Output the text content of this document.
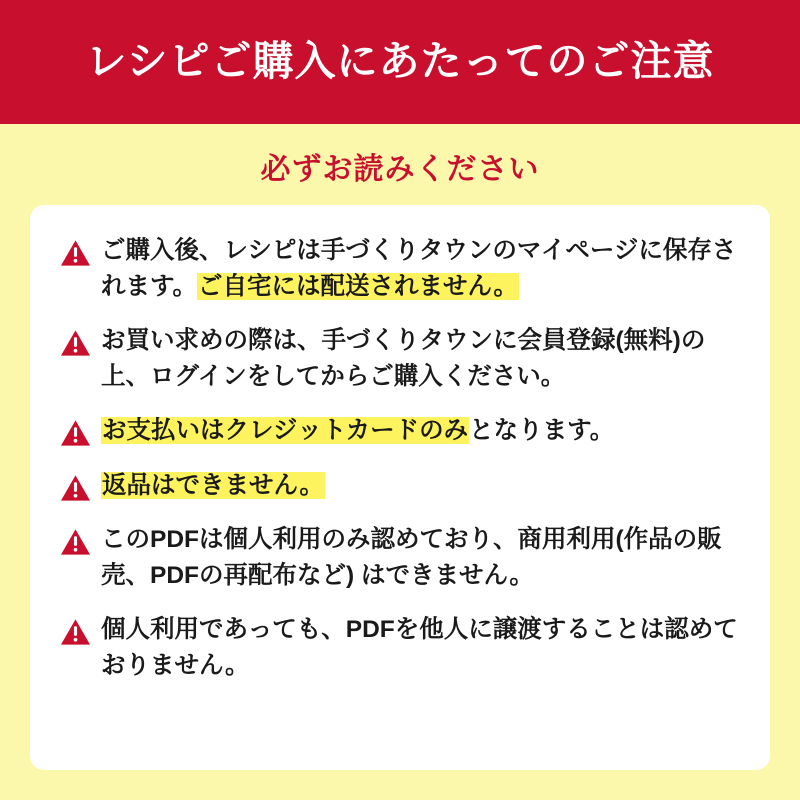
レシピご購入にあたってのご注意
必ずお読みください
ご購入後、レシピは手づくりタウンのマイページに保存されます。ご自宅には配送されません。
お買い求めの際は、手づくりタウンに会員登録(無料)の上、ログインをしてからご購入ください。
お支払いはクレジットカードのみとなります。
返品はできません。
このPDFは個人利用のみ認めており、商用利用(作品の販売、PDFの再配布など) はできません。
個人利用であっても、PDFを他人に譲渡することは認めておりません。
